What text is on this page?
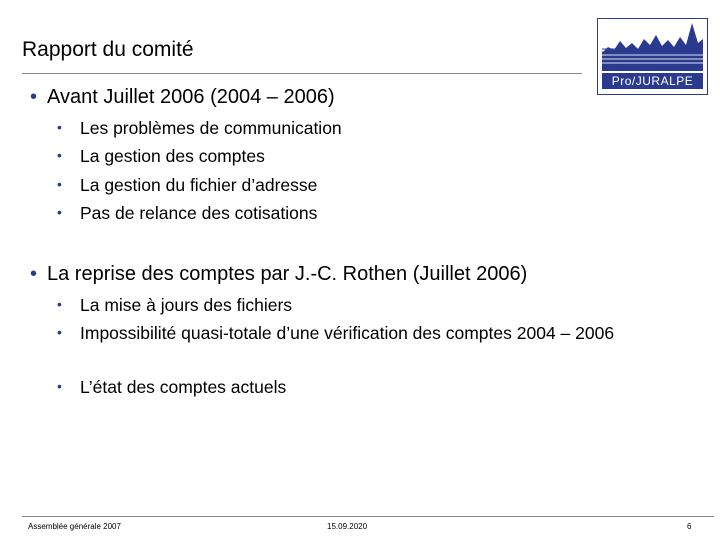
Rapport du comité
Pro/JURALPE
• Avant Juillet 2006 (2004 – 2006)
• Les problèmes de communication
• La gestion des comptes
• La gestion du fichier d’adresse
• Pas de relance des cotisations
• La reprise des comptes par J.-C. Rothen (Juillet 2006)
• La mise à jours des fichiers
• Impossibilité quasi-totale d’une vérification des comptes 2004 – 2006
• L’état des comptes actuels
Assemblée générale 2007	15.09.2020	6
